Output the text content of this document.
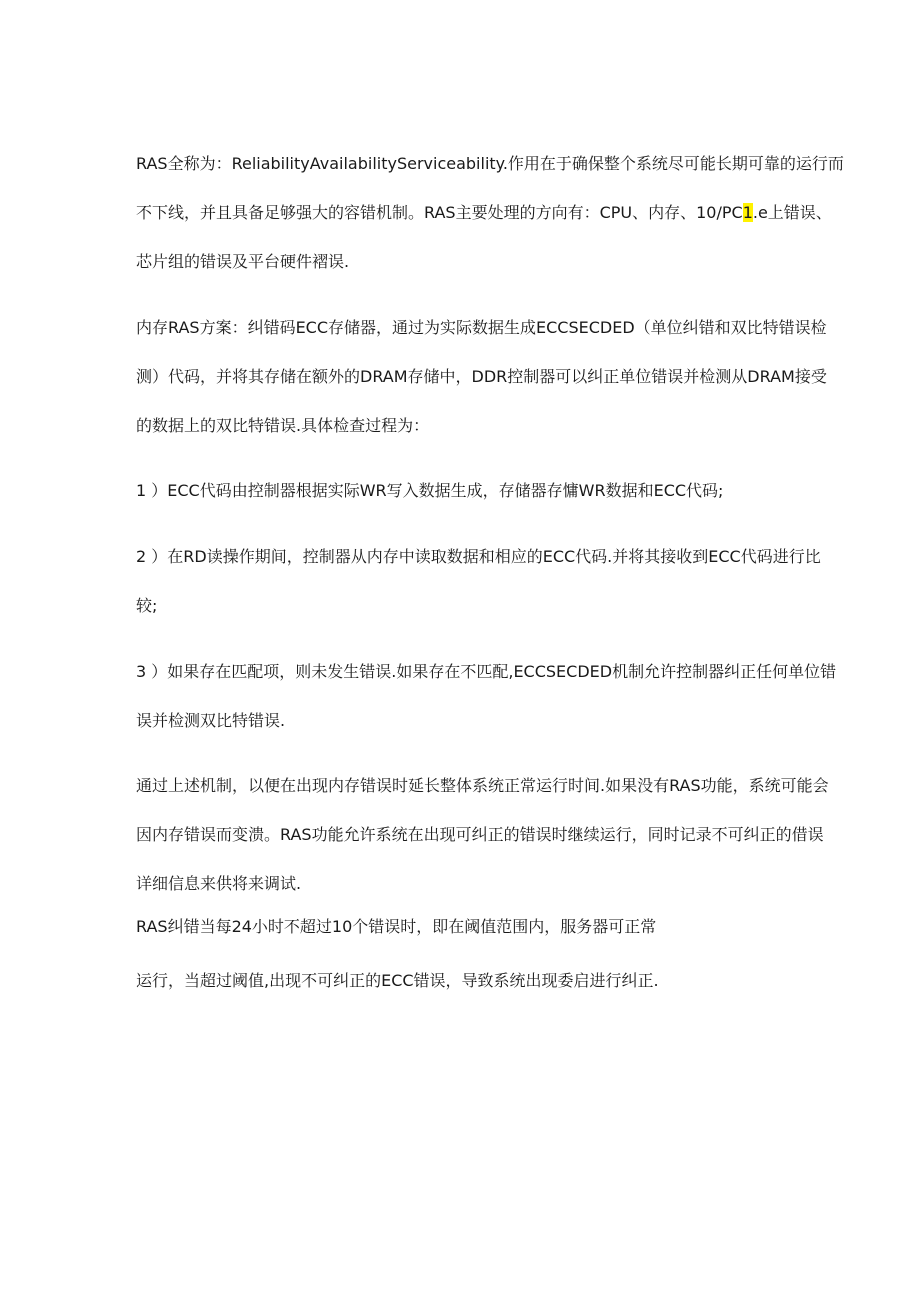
RAS全称为：ReliabilityAvailabilityServiceability.作用在于确保整个系统尽可能长期可靠的运行而
不下线，并且具备足够强大的容错机制。RAS主要处理的方向有：CPU、内存、10/PC1.e上错误、
芯片组的错误及平台硬件褶误.
内存RAS方案：纠错码ECC存储器，通过为实际数据生成ECCSECDED（单位纠错和双比特错误检
测）代码，并将其存储在额外的DRAM存储中，DDR控制器可以纠正单位错误并检测从DRAM接受
的数据上的双比特错误.具体检查过程为：
1 ）ECC代码由控制器根据实际WR写入数据生成，存储器存慵WR数据和ECC代码;
2 ）在RD读操作期间，控制器从内存中读取数据和相应的ECC代码.并将其接收到ECC代码进行比
较;
3 ）如果存在匹配项，则未发生错误.如果存在不匹配,ECCSECDED机制允许控制器纠正任何单位错
误并检测双比特错误.
通过上述机制，以便在出现内存错误时延长整体系统正常运行时间.如果没有RAS功能，系统可能会
因内存错误而变溃。RAS功能允许系统在出现可纠正的错误时继续运行，同时记录不可纠正的借误
详细信息来供将来调试.
RAS纠错当每24小时不超过10个错误时，即在阈值范围内，服务器可正常
运行，当超过阈值,出现不可纠正的ECC错误，导致系统出现委启进行纠正.
